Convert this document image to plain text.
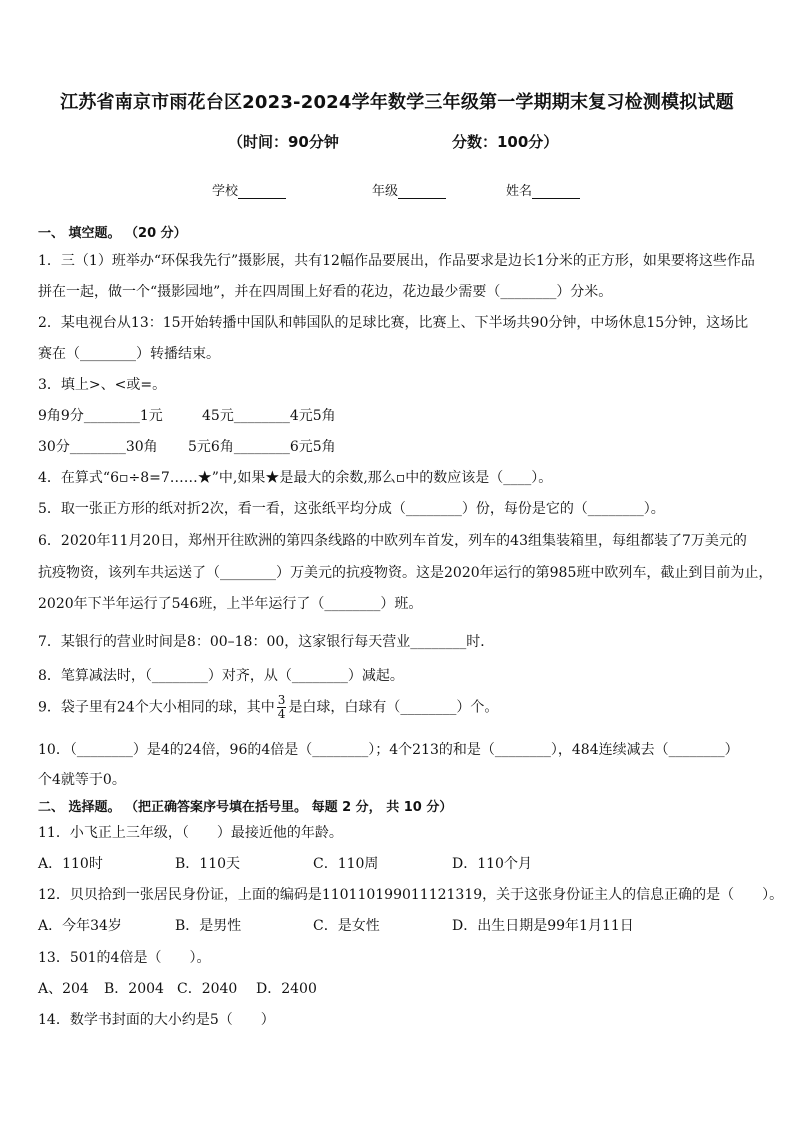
江苏省南京市雨花台区2023-2024学年数学三年级第一学期期末复习检测模拟试题
（时间：90分钟	分数：100分）
学校	年级	姓名
一、 填空题。 （20 分）
1．三（1）班举办“环保我先行”摄影展，共有12幅作品要展出，作品要求是边长1分米的正方形，如果要将这些作品
拼在一起，做一个“摄影园地”，并在四周围上好看的花边，花边最少需要（________）分米。
2．某电视台从13：15开始转播中国队和韩国队的足球比赛，比赛上、下半场共90分钟，中场休息15分钟，这场比
赛在（________）转播结束。
3．填上>、<或=。
9角9分________1元	45元________4元5角
30分________30角 5元6角________6元5角
4．在算式“6▫÷8=7……★”中,如果★是最大的余数,那么▫中的数应该是（____）。
5．取一张正方形的纸对折2次，看一看，这张纸平均分成（________）份，每份是它的（________）。
6．2020年11月20日，郑州开往欧洲的第四条线路的中欧列车首发，列车的43组集装箱里，每组都装了7万美元的
抗疫物资，该列车共运送了（________）万美元的抗疫物资。这是2020年运行的第985班中欧列车，截止到目前为止，
2020年下半年运行了546班，上半年运行了（________）班。
7．某银行的营业时间是8：00–18：00，这家银行每天营业________时．
8．笔算减法时，（________）对齐，从（________）减起。
9．袋子里有24个大小相同的球，其中 $\frac{3}{4}$ 是白球，白球有（________）个。
10．（________）是4的24倍，96的4倍是（________）；4个213的和是（________），484连续减去（________）
个4就等于0。
二、 选择题。 （把正确答案序号填在括号里。 每题 2 分， 共 10 分）
11．小飞正上三年级，（　　）最接近他的年龄。
A．110时	B．110天	C．110周	D．110个月
12．贝贝拾到一张居民身份证，上面的编码是110110199011121319，关于这张身份证主人的信息正确的是（　　）。
A．今年34岁	B．是男性	C．是女性	D．出生日期是99年1月11日
13．501的4倍是（　　）。
A、204 B．2004 C．2040 D．2400
14．数学书封面的大小约是5（　　）
